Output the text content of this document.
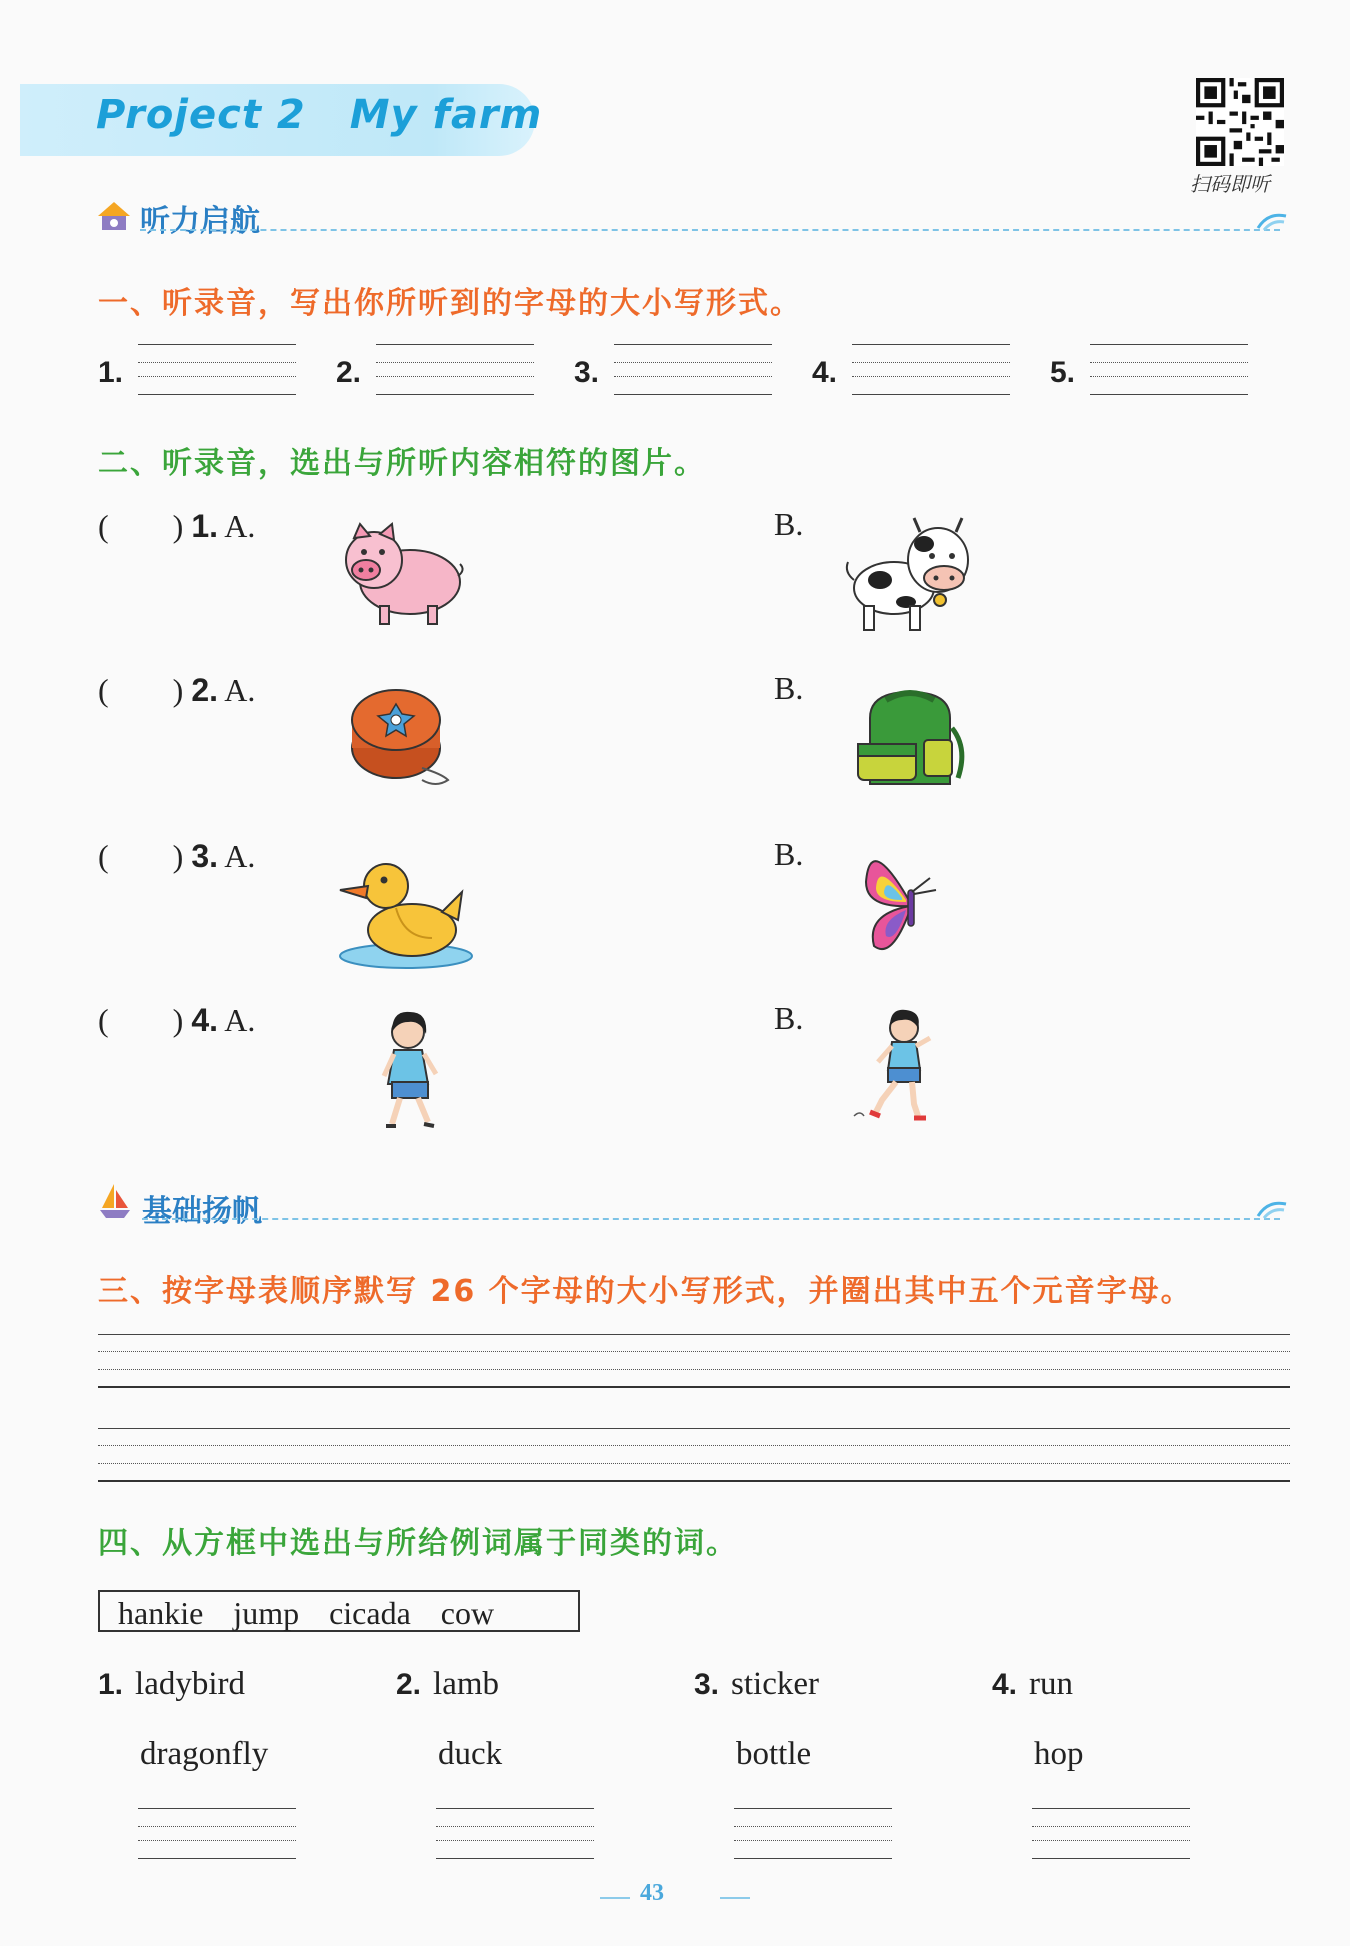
Project 2 My farm
扫码即听
听力启航
一、听录音，写出你所听到的字母的大小写形式。
1.	2.	3.	4.	5.
二、听录音，选出与所听内容相符的图片。
(        ) 1. A.	B.
(        ) 2. A.	B.
(        ) 3. A.	B.
(        ) 4. A.	B.
基础扬帆
三、按字母表顺序默写 26 个字母的大小写形式，并圈出其中五个元音字母。
四、从方框中选出与所给例词属于同类的词。
hankie jump cicada cow
1. ladybird
dragonfly
2. lamb
duck
3. sticker
bottle
4. run
hop
43
